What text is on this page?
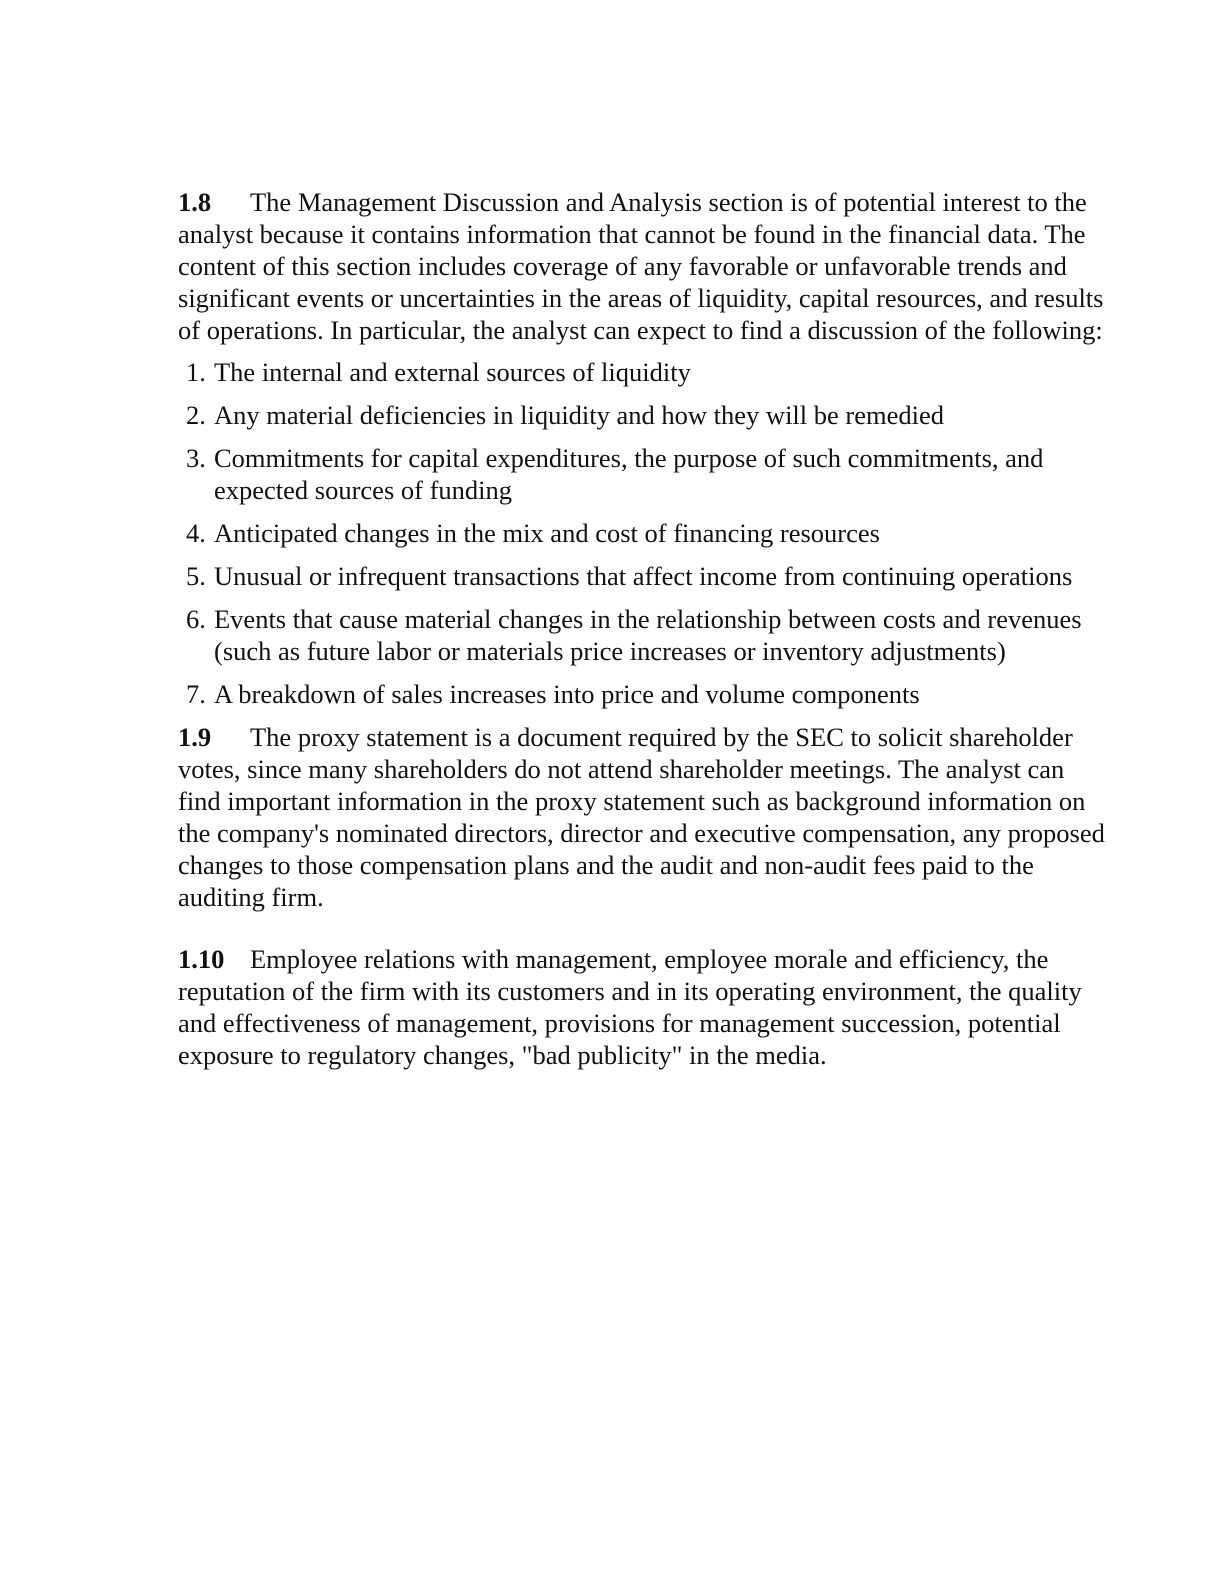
1.8 The Management Discussion and Analysis section is of potential interest to the analyst because it contains information that cannot be found in the financial data. The content of this section includes coverage of any favorable or unfavorable trends and significant events or uncertainties in the areas of liquidity, capital resources, and results of operations. In particular, the analyst can expect to find a discussion of the following:

1. The internal and external sources of liquidity
2. Any material deficiencies in liquidity and how they will be remedied
3. Commitments for capital expenditures, the purpose of such commitments, and expected sources of funding
4. Anticipated changes in the mix and cost of financing resources
5. Unusual or infrequent transactions that affect income from continuing operations
6. Events that cause material changes in the relationship between costs and revenues (such as future labor or materials price increases or inventory adjustments)
7. A breakdown of sales increases into price and volume components

1.9 The proxy statement is a document required by the SEC to solicit shareholder votes, since many shareholders do not attend shareholder meetings. The analyst can find important information in the proxy statement such as background information on the company's nominated directors, director and executive compensation, any proposed changes to those compensation plans and the audit and non-audit fees paid to the auditing firm.

1.10 Employee relations with management, employee morale and efficiency, the reputation of the firm with its customers and in its operating environment, the quality and effectiveness of management, provisions for management succession, potential exposure to regulatory changes, "bad publicity" in the media.
